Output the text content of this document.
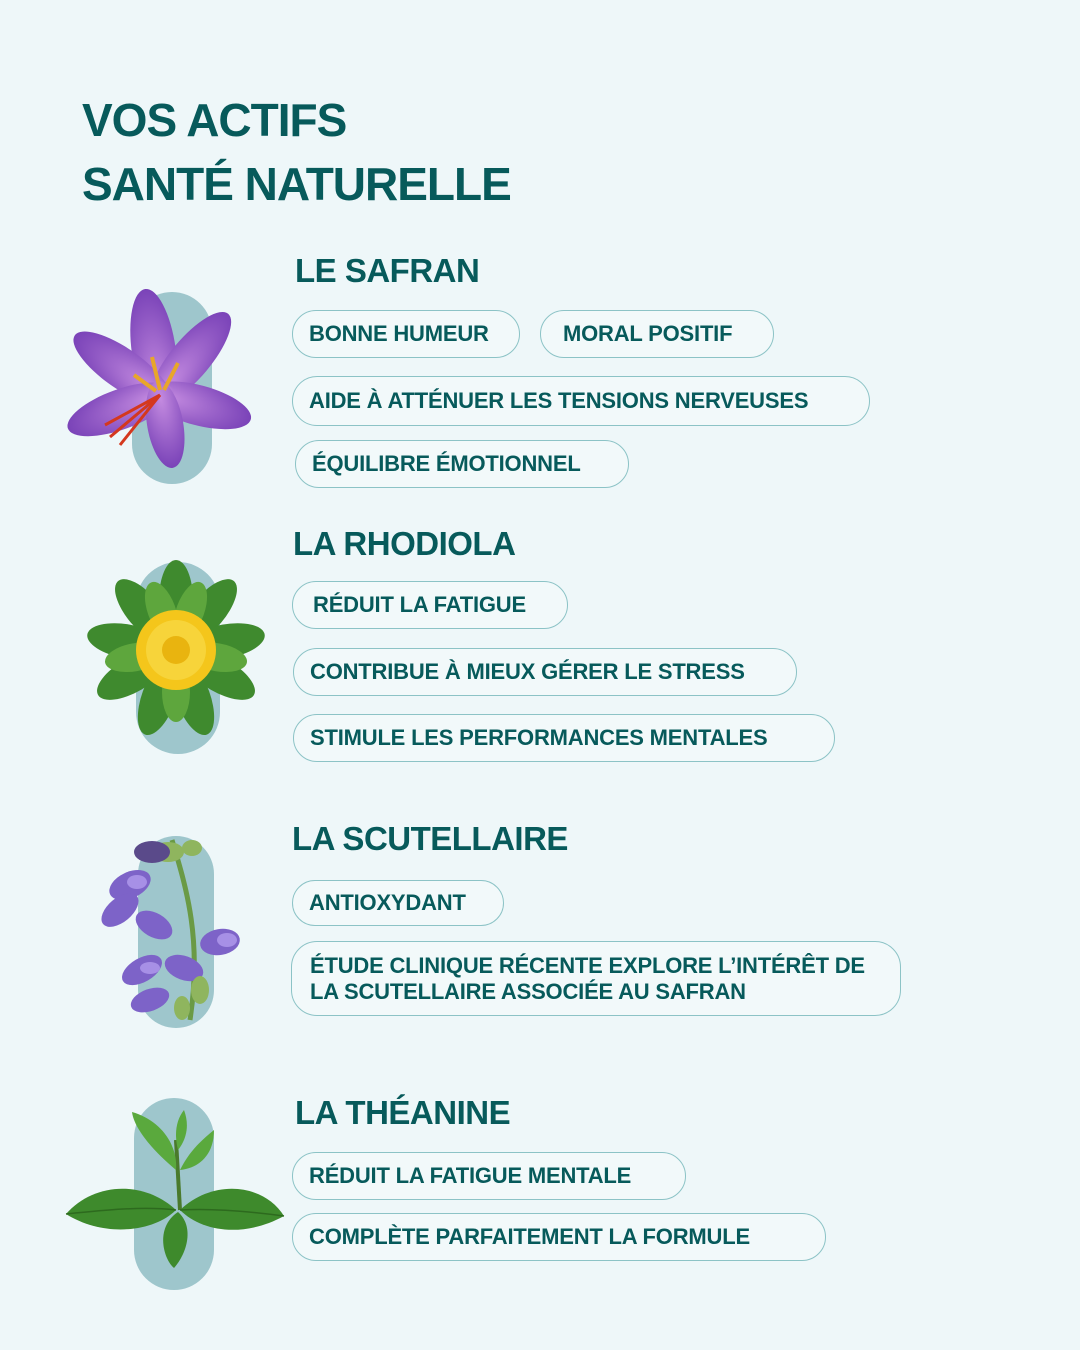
VOS ACTIFS
SANTÉ NATURELLE
LE SAFRAN
BONNE HUMEUR	MORAL POSITIF
AIDE À ATTÉNUER LES TENSIONS NERVEUSES
ÉQUILIBRE ÉMOTIONNEL
LA RHODIOLA
RÉDUIT LA FATIGUE
CONTRIBUE À MIEUX GÉRER LE STRESS
STIMULE LES PERFORMANCES MENTALES
LA SCUTELLAIRE
ANTIOXYDANT
ÉTUDE CLINIQUE RÉCENTE EXPLORE L’INTÉRÊT DE LA SCUTELLAIRE ASSOCIÉE AU SAFRAN
LA THÉANINE
RÉDUIT LA FATIGUE MENTALE
COMPLÈTE PARFAITEMENT LA FORMULE
